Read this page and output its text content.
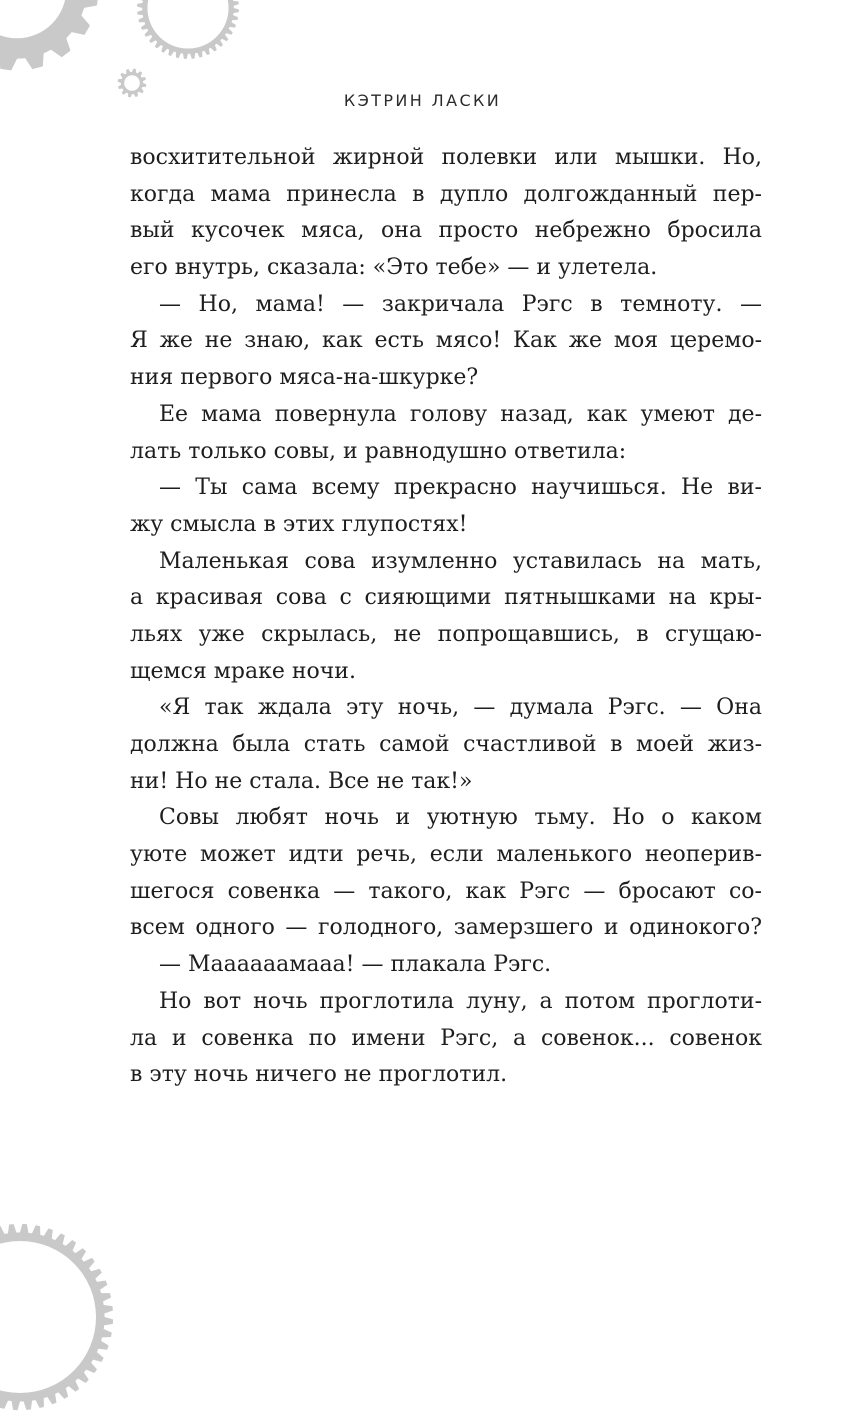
КЭТРИН ЛАСКИ

восхитительной жирной полевки или мышки. Но,
когда мама принесла в дупло долгожданный пер-
вый кусочек мяса, она просто небрежно бросила
его внутрь, сказала: «Это тебе» — и улетела.
— Но, мама! — закричала Рэгс в темноту. —
Я же не знаю, как есть мясо! Как же моя церемо-
ния первого мяса-на-шкурке?
Ее мама повернула голову назад, как умеют де-
лать только совы, и равнодушно ответила:
— Ты сама всему прекрасно научишься. Не ви-
жу смысла в этих глупостях!
Маленькая сова изумленно уставилась на мать,
а красивая сова с сияющими пятнышками на кры-
льях уже скрылась, не попрощавшись, в сгущаю-
щемся мраке ночи.
«Я так ждала эту ночь, — думала Рэгс. — Она
должна была стать самой счастливой в моей жиз-
ни! Но не стала. Все не так!»
Совы любят ночь и уютную тьму. Но о каком
уюте может идти речь, если маленького неоперив-
шегося совенка — такого, как Рэгс — бросают со-
всем одного — голодного, замерзшего и одинокого?
— Маааааамааа! — плакала Рэгс.
Но вот ночь проглотила луну, а потом проглоти-
ла и совенка по имени Рэгс, а совенок... совенок
в эту ночь ничего не проглотил.
